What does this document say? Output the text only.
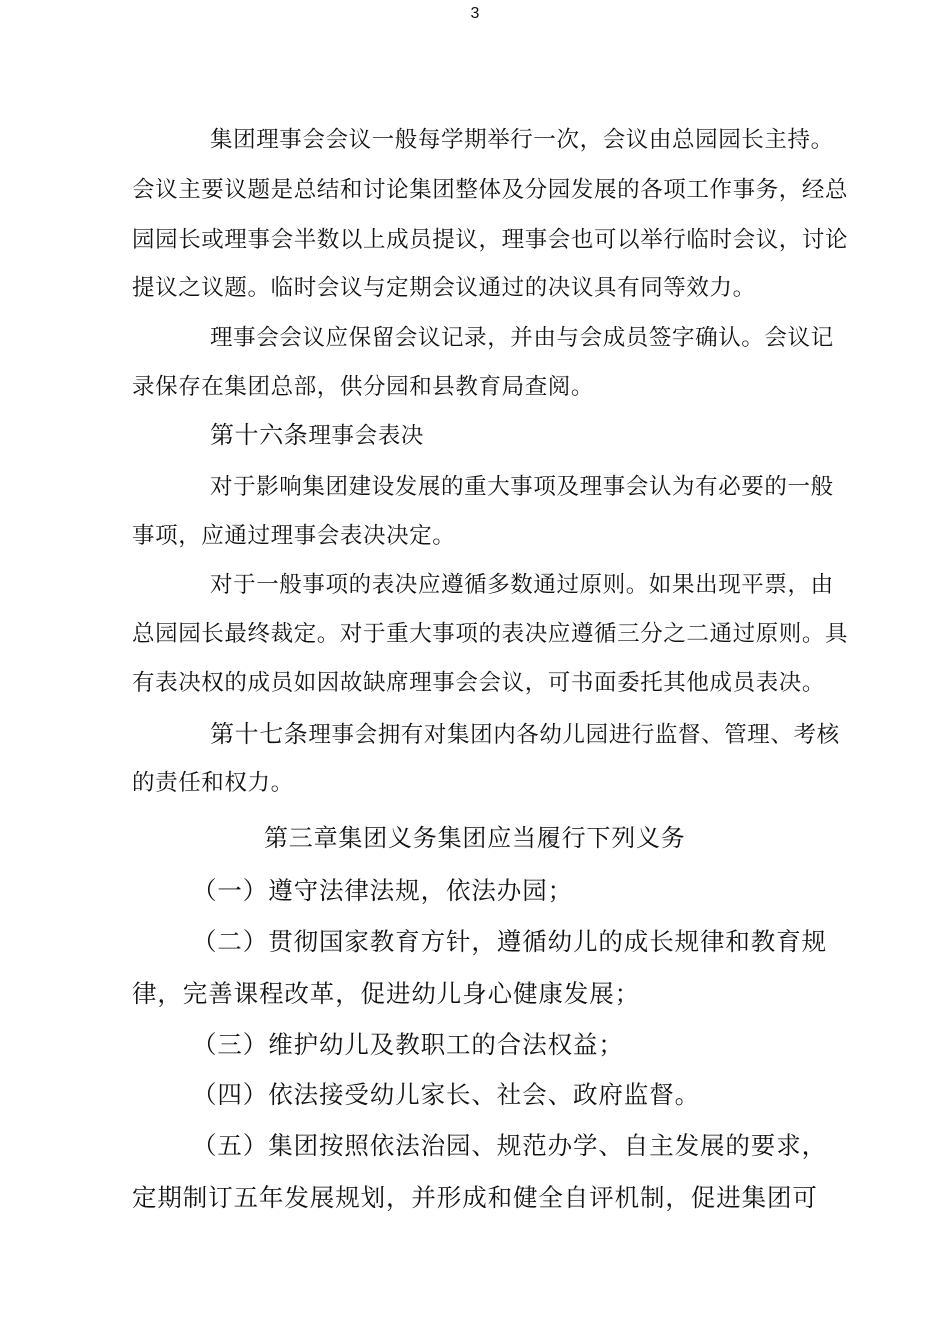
3
集团理事会会议一般每学期举行一次，会议由总园园长主持。
会议主要议题是总结和讨论集团整体及分园发展的各项工作事务，经总
园园长或理事会半数以上成员提议，理事会也可以举行临时会议，讨论
提议之议题。临时会议与定期会议通过的决议具有同等效力。
理事会会议应保留会议记录，并由与会成员签字确认。会议记
录保存在集团总部，供分园和县教育局查阅。
第十六条理事会表决
对于影响集团建设发展的重大事项及理事会认为有必要的一般
事项，应通过理事会表决决定。
对于一般事项的表决应遵循多数通过原则。如果出现平票，由
总园园长最终裁定。对于重大事项的表决应遵循三分之二通过原则。具
有表决权的成员如因故缺席理事会会议，可书面委托其他成员表决。
第十七条理事会拥有对集团内各幼儿园进行监督、管理、考核
的责任和权力。
第三章集团义务集团应当履行下列义务
（一）遵守法律法规，依法办园；
（二）贯彻国家教育方针，遵循幼儿的成长规律和教育规
律，完善课程改革，促进幼儿身心健康发展；
（三）维护幼儿及教职工的合法权益；
（四）依法接受幼儿家长、社会、政府监督。
（五）集团按照依法治园、规范办学、自主发展的要求，
定期制订五年发展规划，并形成和健全自评机制，促进集团可
